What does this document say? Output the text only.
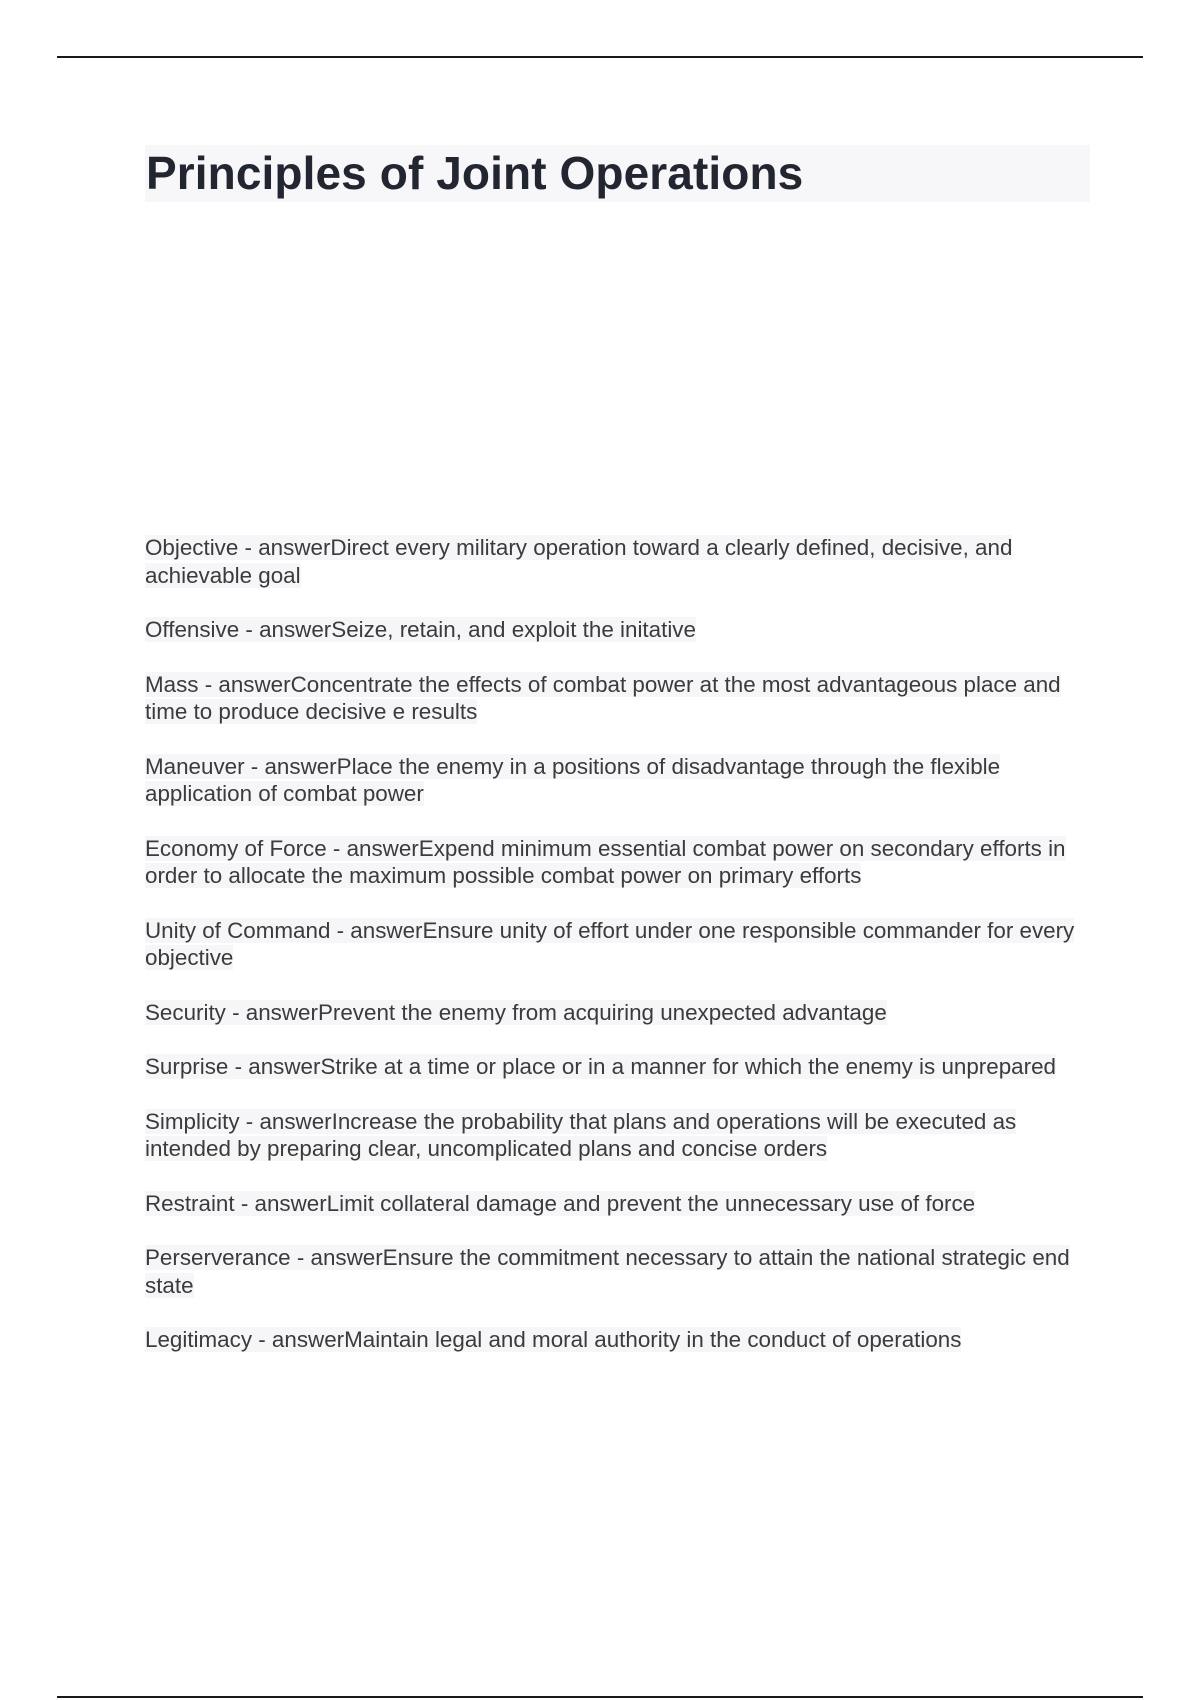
Principles of Joint Operations
Objective - answerDirect every military operation toward a clearly defined, decisive, and achievable goal
Offensive - answerSeize, retain, and exploit the initative
Mass - answerConcentrate the effects of combat power at the most advantageous place and time to produce decisive e results
Maneuver - answerPlace the enemy in a positions of disadvantage through the flexible application of combat power
Economy of Force - answerExpend minimum essential combat power on secondary efforts in order to allocate the maximum possible combat power on primary efforts
Unity of Command - answerEnsure unity of effort under one responsible commander for every objective
Security - answerPrevent the enemy from acquiring unexpected advantage
Surprise - answerStrike at a time or place or in a manner for which the enemy is unprepared
Simplicity - answerIncrease the probability that plans and operations will be executed as intended by preparing clear, uncomplicated plans and concise orders
Restraint - answerLimit collateral damage and prevent the unnecessary use of force
Perserverance - answerEnsure the commitment necessary to attain the national strategic end state
Legitimacy - answerMaintain legal and moral authority in the conduct of operations
